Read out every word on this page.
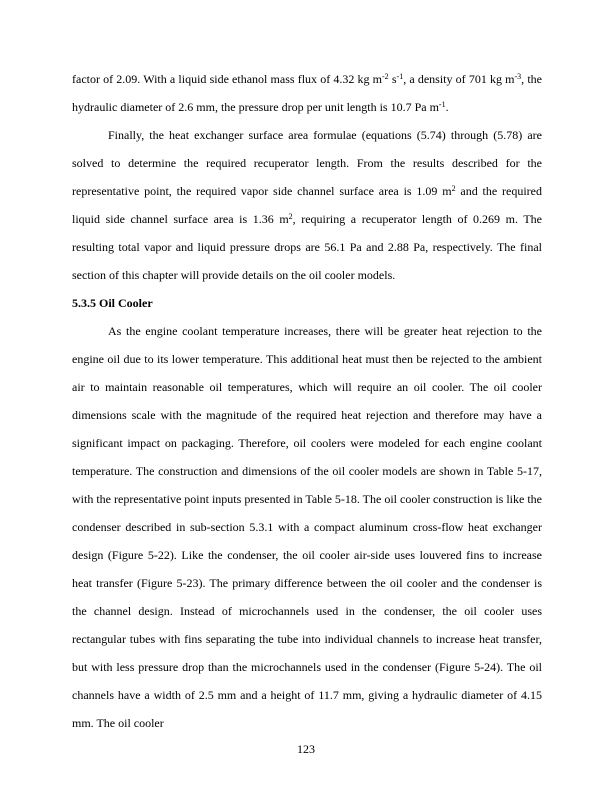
factor of 2.09. With a liquid side ethanol mass flux of 4.32 kg $m^{-2}$ $s^{-1}$, a density of 701 kg $m^{-3}$, the hydraulic diameter of 2.6 mm, the pressure drop per unit length is 10.7 Pa $m^{-1}$.

Finally, the heat exchanger surface area formulae (equations (5.74) through (5.78) are solved to determine the required recuperator length. From the results described for the representative point, the required vapor side channel surface area is 1.09 $m^2$ and the required liquid side channel surface area is 1.36 $m^2$, requiring a recuperator length of 0.269 m. The resulting total vapor and liquid pressure drops are 56.1 Pa and 2.88 Pa, respectively. The final section of this chapter will provide details on the oil cooler models.

5.3.5 Oil Cooler

As the engine coolant temperature increases, there will be greater heat rejection to the engine oil due to its lower temperature. This additional heat must then be rejected to the ambient air to maintain reasonable oil temperatures, which will require an oil cooler. The oil cooler dimensions scale with the magnitude of the required heat rejection and therefore may have a significant impact on packaging. Therefore, oil coolers were modeled for each engine coolant temperature. The construction and dimensions of the oil cooler models are shown in Table 5-17, with the representative point inputs presented in Table 5-18. The oil cooler construction is like the condenser described in sub-section 5.3.1 with a compact aluminum cross-flow heat exchanger design (Figure 5-22). Like the condenser, the oil cooler air-side uses louvered fins to increase heat transfer (Figure 5-23). The primary difference between the oil cooler and the condenser is the channel design. Instead of microchannels used in the condenser, the oil cooler uses rectangular tubes with fins separating the tube into individual channels to increase heat transfer, but with less pressure drop than the microchannels used in the condenser (Figure 5-24). The oil channels have a width of 2.5 mm and a height of 11.7 mm, giving a hydraulic diameter of 4.15 mm. The oil cooler

123
